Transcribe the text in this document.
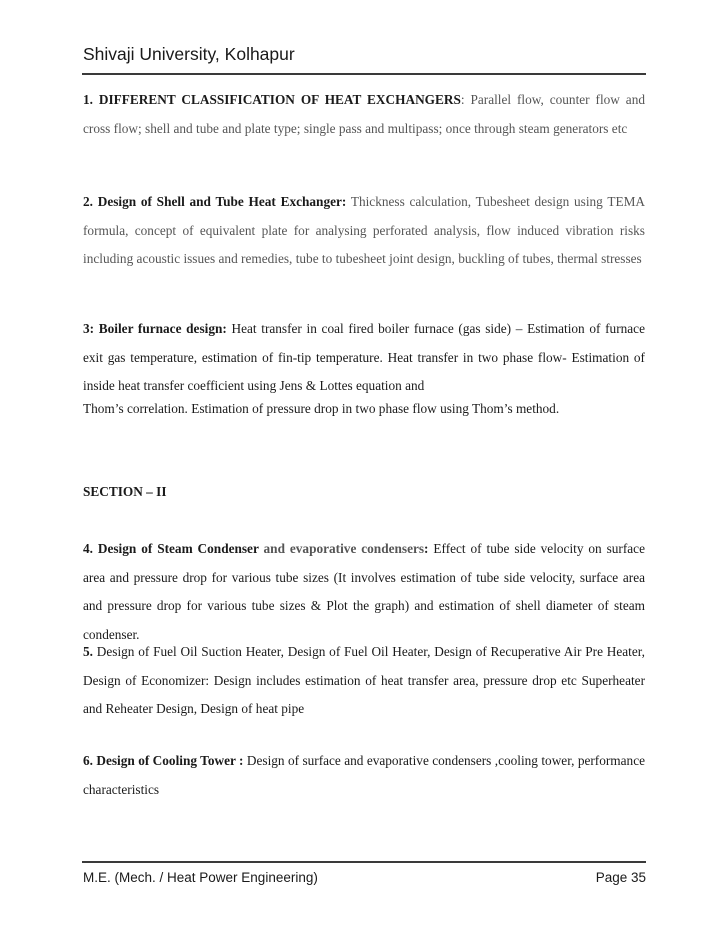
Shivaji University, Kolhapur
1. DIFFERENT CLASSIFICATION OF HEAT EXCHANGERS: Parallel flow, counter flow and cross flow; shell and tube and plate type; single pass and multipass; once through steam generators etc
2. Design of Shell and Tube Heat Exchanger: Thickness calculation, Tubesheet design using TEMA formula, concept of equivalent plate for analysing perforated analysis, flow induced vibration risks including acoustic issues and remedies, tube to tubesheet joint design, buckling of tubes, thermal stresses
3: Boiler furnace design: Heat transfer in coal fired boiler furnace (gas side) – Estimation of furnace exit gas temperature, estimation of fin-tip temperature. Heat transfer in two phase flow- Estimation of inside heat transfer coefficient using Jens & Lottes equation and
Thom’s correlation. Estimation of pressure drop in two phase flow using Thom’s method.
SECTION – II
4. Design of Steam Condenser and evaporative condensers: Effect of tube side velocity on surface area and pressure drop for various tube sizes (It involves estimation of tube side velocity, surface area and pressure drop for various tube sizes & Plot the graph) and estimation of shell diameter of steam condenser.
5. Design of Fuel Oil Suction Heater, Design of Fuel Oil Heater, Design of Recuperative Air Pre Heater, Design of Economizer: Design includes estimation of heat transfer area, pressure drop etc Superheater and Reheater Design, Design of heat pipe
6. Design of Cooling Tower : Design of surface and evaporative condensers ,cooling tower, performance characteristics
M.E. (Mech. / Heat Power Engineering)	Page 35
